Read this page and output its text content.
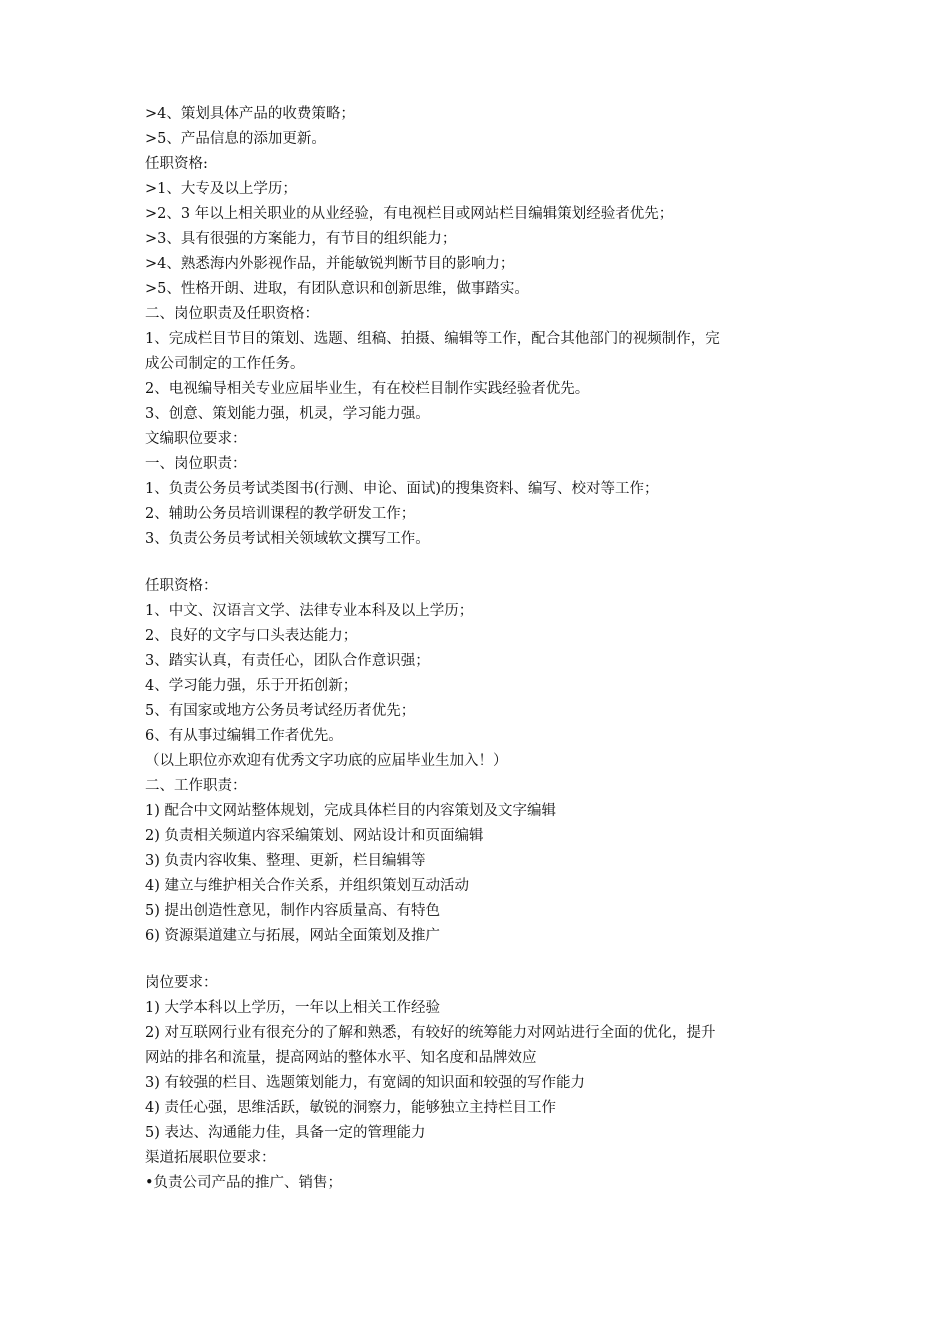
>4、策划具体产品的收费策略；
>5、产品信息的添加更新。
任职资格:
>1、大专及以上学历；
>2、3 年以上相关职业的从业经验，有电视栏目或网站栏目编辑策划经验者优先；
>3、具有很强的方案能力，有节目的组织能力；
>4、熟悉海内外影视作品，并能敏锐判断节目的影响力；
>5、性格开朗、进取，有团队意识和创新思维，做事踏实。
二、岗位职责及任职资格：
1、完成栏目节目的策划、选题、组稿、拍摄、编辑等工作，配合其他部门的视频制作，完
成公司制定的工作任务。
2、电视编导相关专业应届毕业生，有在校栏目制作实践经验者优先。
3、创意、策划能力强，机灵，学习能力强。
文编职位要求：
一、岗位职责：
1、负责公务员考试类图书(行测、申论、面试)的搜集资料、编写、校对等工作；
2、辅助公务员培训课程的教学研发工作；
3、负责公务员考试相关领域软文撰写工作。
任职资格：
1、中文、汉语言文学、法律专业本科及以上学历；
2、良好的文字与口头表达能力；
3、踏实认真，有责任心，团队合作意识强；
4、学习能力强，乐于开拓创新；
5、有国家或地方公务员考试经历者优先；
6、有从事过编辑工作者优先。
（以上职位亦欢迎有优秀文字功底的应届毕业生加入！）
二、工作职责：
1) 配合中文网站整体规划，完成具体栏目的内容策划及文字编辑
2) 负责相关频道内容采编策划、网站设计和页面编辑
3) 负责内容收集、整理、更新，栏目编辑等
4) 建立与维护相关合作关系，并组织策划互动活动
5) 提出创造性意见，制作内容质量高、有特色
6) 资源渠道建立与拓展，网站全面策划及推广
岗位要求：
1) 大学本科以上学历，一年以上相关工作经验
2) 对互联网行业有很充分的了解和熟悉，有较好的统筹能力对网站进行全面的优化，提升
网站的排名和流量，提高网站的整体水平、知名度和品牌效应
3) 有较强的栏目、选题策划能力，有宽阔的知识面和较强的写作能力
4) 责任心强，思维活跃，敏锐的洞察力，能够独立主持栏目工作
5) 表达、沟通能力佳，具备一定的管理能力
渠道拓展职位要求：
•负责公司产品的推广、销售；
